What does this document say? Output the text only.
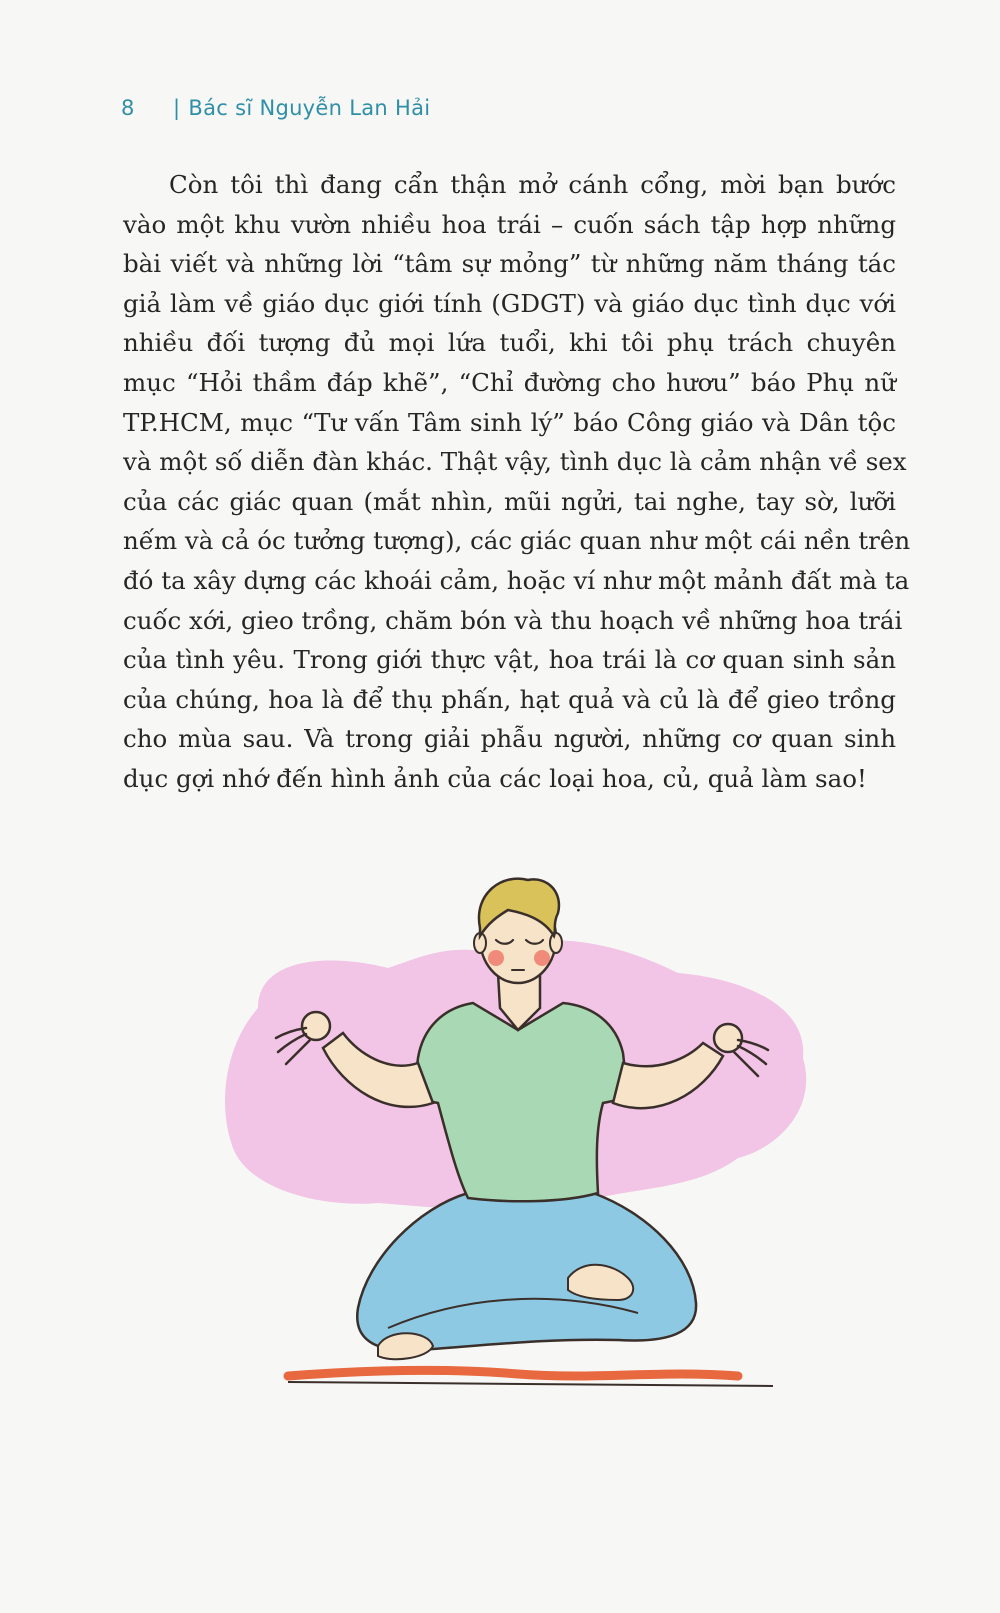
8	| Bác sĩ Nguyễn Lan Hải
Còn tôi thì đang cẩn thận mở cánh cổng, mời bạn bước
vào một khu vườn nhiều hoa trái – cuốn sách tập hợp những
bài viết và những lời “tâm sự mỏng” từ những năm tháng tác
giả làm về giáo dục giới tính (GDGT) và giáo dục tình dục với
nhiều đối tượng đủ mọi lứa tuổi, khi tôi phụ trách chuyên
mục “Hỏi thầm đáp khẽ”, “Chỉ đường cho hươu” báo Phụ nữ
TP.HCM, mục “Tư vấn Tâm sinh lý” báo Công giáo và Dân tộc
và một số diễn đàn khác. Thật vậy, tình dục là cảm nhận về sex
của các giác quan (mắt nhìn, mũi ngửi, tai nghe, tay sờ, lưỡi
nếm và cả óc tưởng tượng), các giác quan như một cái nền trên
đó ta xây dựng các khoái cảm, hoặc ví như một mảnh đất mà ta
cuốc xới, gieo trồng, chăm bón và thu hoạch về những hoa trái
của tình yêu. Trong giới thực vật, hoa trái là cơ quan sinh sản
của chúng, hoa là để thụ phấn, hạt quả và củ là để gieo trồng
cho mùa sau. Và trong giải phẫu người, những cơ quan sinh
dục gợi nhớ đến hình ảnh của các loại hoa, củ, quả làm sao!
